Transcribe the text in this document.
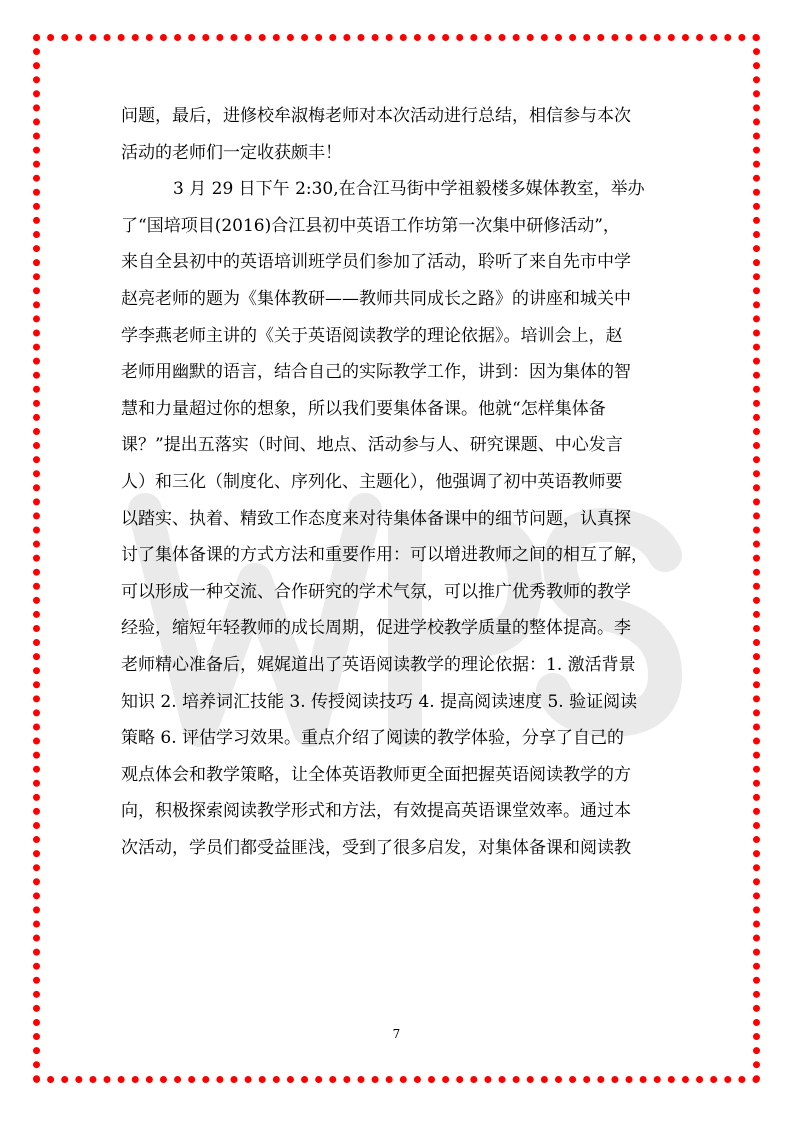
问题，最后，进修校牟淑梅老师对本次活动进行总结，相信参与本次
活动的老师们一定收获颇丰！
3 月 29 日下午 2:30,在合江马街中学祖毅楼多媒体教室，举办
了“国培项目(2016)合江县初中英语工作坊第一次集中研修活动”，
来自全县初中的英语培训班学员们参加了活动，聆听了来自先市中学
赵亮老师的题为《集体教研——教师共同成长之路》的讲座和城关中
学李燕老师主讲的《关于英语阅读教学的理论依据》。培训会上，赵
老师用幽默的语言，结合自己的实际教学工作，讲到：因为集体的智
慧和力量超过你的想象，所以我们要集体备课。他就“怎样集体备
课？”提出五落实（时间、地点、活动参与人、研究课题、中心发言
人）和三化（制度化、序列化、主题化），他强调了初中英语教师要
以踏实、执着、精致工作态度来对待集体备课中的细节问题，认真探
讨了集体备课的方式方法和重要作用：可以增进教师之间的相互了解，
可以形成一种交流、合作研究的学术气氛，可以推广优秀教师的教学
经验，缩短年轻教师的成长周期，促进学校教学质量的整体提高。李
老师精心准备后，娓娓道出了英语阅读教学的理论依据：1. 激活背景
知识 2. 培养词汇技能 3. 传授阅读技巧 4. 提高阅读速度 5. 验证阅读
策略 6. 评估学习效果。重点介绍了阅读的教学体验，分享了自己的
观点体会和教学策略，让全体英语教师更全面把握英语阅读教学的方
向，积极探索阅读教学形式和方法，有效提高英语课堂效率。通过本
次活动，学员们都受益匪浅，受到了很多启发，对集体备课和阅读教
7
